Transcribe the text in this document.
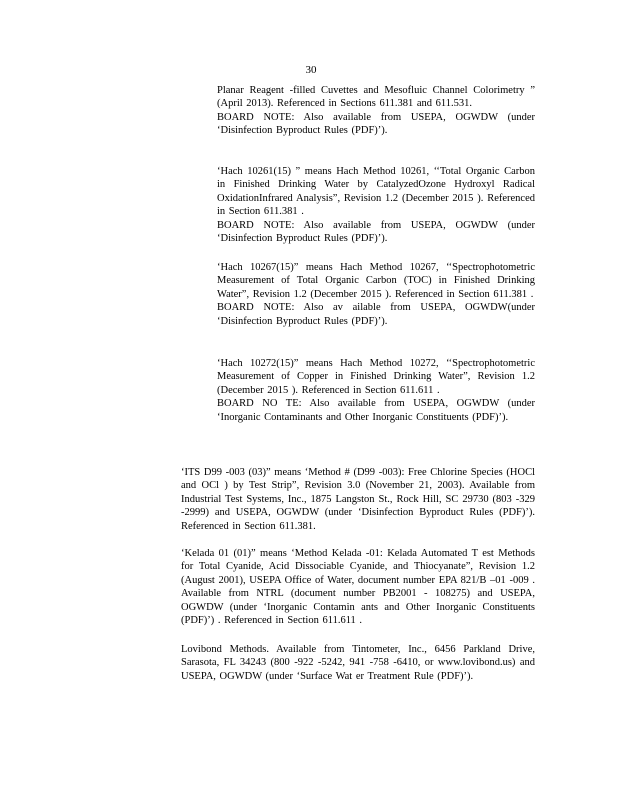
30
Planar Reagent -filled Cuvettes and Mesofluic Channel Colorimetry ” (April 2013). Referenced in Sections 611.381 and 611.531.
BOARD NOTE: Also available from USEPA, OGWDW (under ‘Disinfection Byproduct Rules (PDF)’).
‘Hach 10261(15) ” means Hach Method 10261, ‘‘Total Organic Carbon in Finished Drinking Water by CatalyzedOzone Hydroxyl Radical OxidationInfrared Analysis”, Revision 1.2 (December 2015 ). Referenced in Section 611.381 .
BOARD NOTE: Also available from USEPA, OGWDW (under ‘Disinfection Byproduct Rules (PDF)’).
‘Hach 10267(15)” means Hach Method 10267, ‘‘Spectrophotometric Measurement of Total Organic Carbon (TOC) in Finished Drinking Water”, Revision 1.2 (December 2015 ). Referenced in Section 611.381 .
BOARD NOTE: Also av ailable from USEPA, OGWDW(under ‘Disinfection Byproduct Rules (PDF)’).
‘Hach 10272(15)” means Hach Method 10272, ‘‘Spectrophotometric Measurement of Copper in Finished Drinking Water”, Revision 1.2 (December 2015 ). Referenced in Section 611.611 .
BOARD NO TE: Also available from USEPA, OGWDW (under ‘Inorganic Contaminants and Other Inorganic Constituents (PDF)’).
‘ITS D99 -003 (03)” means ‘Method # (D99 -003): Free Chlorine Species (HOCl and OCl ) by Test Strip”, Revision 3.0 (November 21, 2003). Available from Industrial Test Systems, Inc., 1875 Langston St., Rock Hill, SC 29730 (803 -329 -2999) and USEPA, OGWDW (under ‘Disinfection Byproduct Rules (PDF)’). Referenced in Section 611.381.
‘Kelada 01 (01)” means ‘Method Kelada -01: Kelada Automated T est Methods for Total Cyanide, Acid Dissociable Cyanide, and Thiocyanate”, Revision 1.2 (August 2001), USEPA Office of Water, document number EPA 821/B –01 -009 . Available from NTRL (document number PB2001 - 108275) and USEPA, OGWDW (under ‘Inorganic Contamin ants and Other Inorganic Constituents (PDF)’) . Referenced in Section 611.611 .
Lovibond Methods. Available from Tintometer, Inc., 6456 Parkland Drive, Sarasota, FL 34243 (800 -922 -5242, 941 -758 -6410, or www.lovibond.us) and USEPA, OGWDW (under ‘Surface Wat er Treatment Rule (PDF)’).
